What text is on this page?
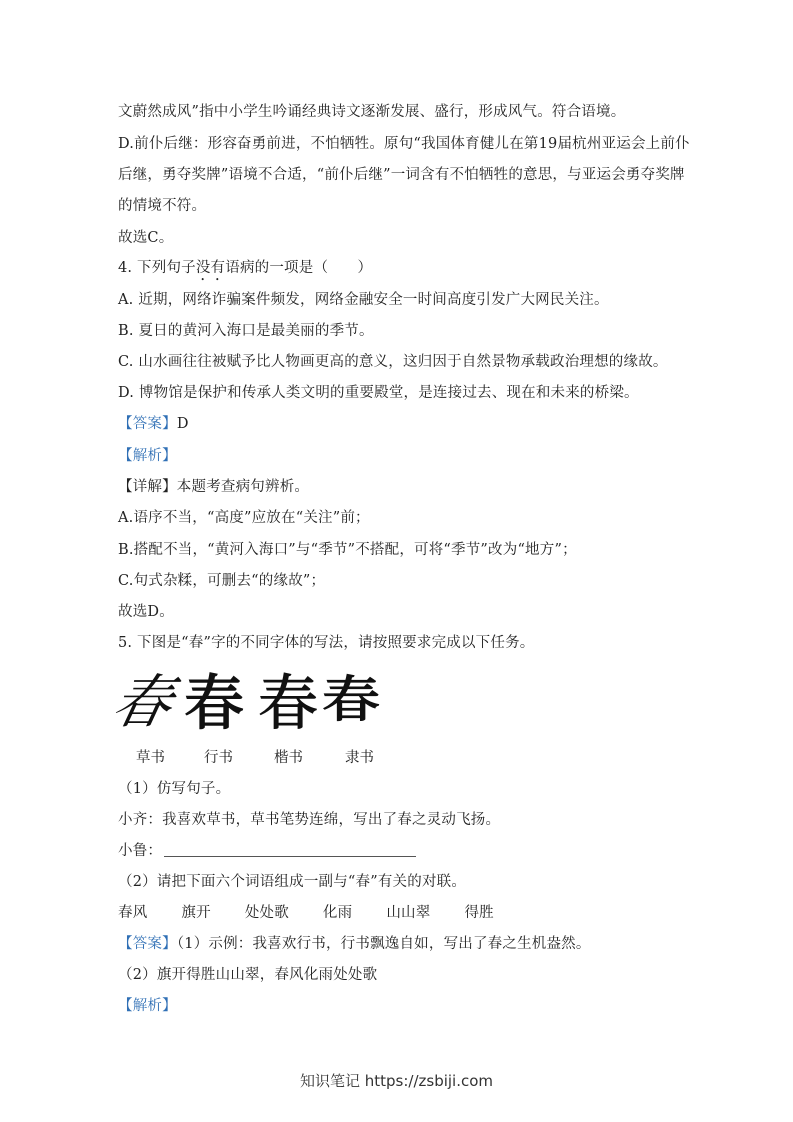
文蔚然成风”指中小学生吟诵经典诗文逐渐发展、盛行，形成风气。符合语境。
D.前仆后继：形容奋勇前进，不怕牺牲。原句“我国体育健儿在第19届杭州亚运会上前仆
后继，勇夺奖牌”语境不合适，“前仆后继”一词含有不怕牺牲的意思，与亚运会勇夺奖牌
的情境不符。
故选C。
4. 下列句子没有语病的一项是（　　）
A. 近期，网络诈骗案件频发，网络金融安全一时间高度引发广大网民关注。
B. 夏日的黄河入海口是最美丽的季节。
C. 山水画往往被赋予比人物画更高的意义，这归因于自然景物承载政治理想的缘故。
D. 博物馆是保护和传承人类文明的重要殿堂，是连接过去、现在和未来的桥梁。
【答案】D
【解析】
【详解】本题考查病句辨析。
A.语序不当，“高度”应放在“关注”前；
B.搭配不当，“黄河入海口”与“季节”不搭配，可将“季节”改为“地方”；
C.句式杂糅，可删去“的缘故”；
故选D。
5. 下图是“春”字的不同字体的写法，请按照要求完成以下任务。
春 春 春 春
草书	行书	楷书	隶书
（1）仿写句子。
小齐：我喜欢草书，草书笔势连绵，写出了春之灵动飞扬。
小鲁：
（2）请把下面六个词语组成一副与“春”有关的对联。
春风 旗开 处处歌 化雨 山山翠 得胜
【答案】（1）示例：我喜欢行书，行书飘逸自如，写出了春之生机盎然。
（2）旗开得胜山山翠，春风化雨处处歌
【解析】
知识笔记 https://zsbiji.com
